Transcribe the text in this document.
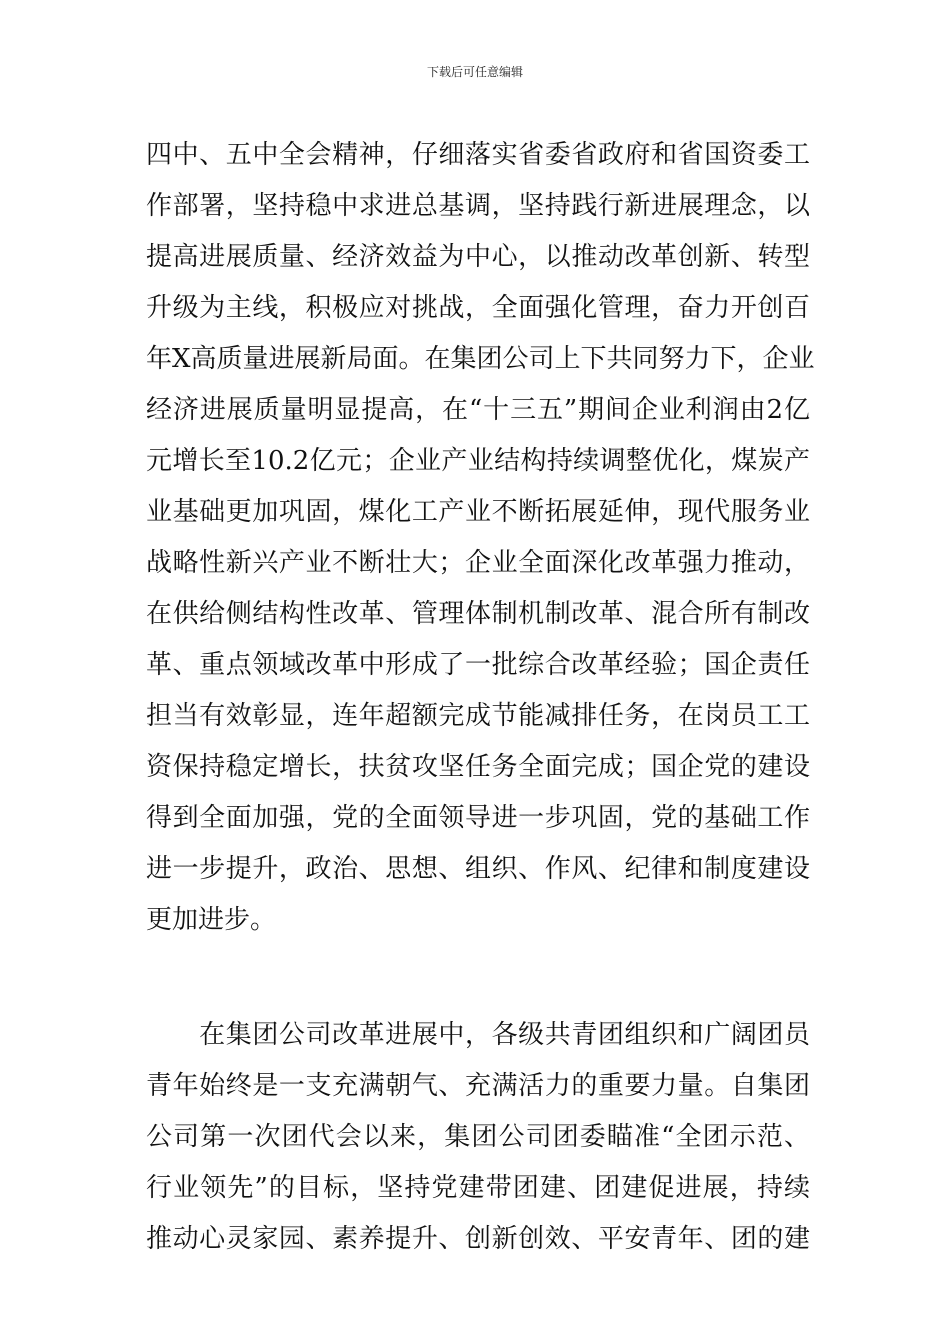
下载后可任意编辑
四中、五中全会精神，仔细落实省委省政府和省国资委工
作部署，坚持稳中求进总基调，坚持践行新进展理念，以
提高进展质量、经济效益为中心，以推动改革创新、转型
升级为主线，积极应对挑战，全面强化管理，奋力开创百
年X高质量进展新局面。在集团公司上下共同努力下，企业
经济进展质量明显提高，在“十三五”期间企业利润由2亿
元增长至10.2亿元；企业产业结构持续调整优化，煤炭产
业基础更加巩固，煤化工产业不断拓展延伸，现代服务业
战略性新兴产业不断壮大；企业全面深化改革强力推动，
在供给侧结构性改革、管理体制机制改革、混合所有制改
革、重点领域改革中形成了一批综合改革经验；国企责任
担当有效彰显，连年超额完成节能减排任务，在岗员工工
资保持稳定增长，扶贫攻坚任务全面完成；国企党的建设
得到全面加强，党的全面领导进一步巩固，党的基础工作
进一步提升，政治、思想、组织、作风、纪律和制度建设
更加进步。
　　在集团公司改革进展中，各级共青团组织和广阔团员
青年始终是一支充满朝气、充满活力的重要力量。自集团
公司第一次团代会以来，集团公司团委瞄准“全团示范、
行业领先”的目标，坚持党建带团建、团建促进展，持续
推动心灵家园、素养提升、创新创效、平安青年、团的建
